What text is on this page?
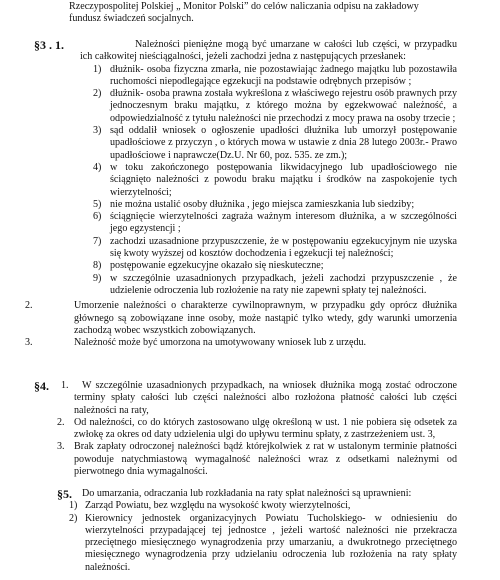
Rzeczypospolitej Polskiej „ Monitor Polski” do celów naliczania odpisu na zakładowy
fundusz świadczeń socjalnych.
§3 . 1.	Należności pieniężne mogą być umarzane w całości lub części, w przypadku ich całkowitej nieściągalności, jeżeli zachodzi jedna z następujących przesłanek:
1) dłużnik- osoba fizyczna zmarła, nie pozostawiając żadnego majątku lub pozostawiła ruchomości niepodlegające egzekucji na podstawie odrębnych przepisów ;
2) dłużnik- osoba prawna została wykreślona z właściwego rejestru osób prawnych przy jednoczesnym braku majątku, z którego można by egzekwować należność, a odpowiedzialność z tytułu należności nie przechodzi z mocy prawa na osoby trzecie ;
3) sąd oddalił wniosek o ogłoszenie upadłości dłużnika lub umorzył postępowanie upadłościowe z przyczyn , o których mowa w ustawie z dnia 28 lutego 2003r.- Prawo upadłościowe i naprawcze(Dz.U. Nr 60, poz. 535. ze zm.);
4) w toku zakończonego postępowania likwidacyjnego lub upadłościowego nie ściągnięto należności z powodu braku majątku i środków na zaspokojenie tych wierzytelności;
5) nie można ustalić osoby dłużnika , jego miejsca zamieszkania lub siedziby;
6) ściągnięcie wierzytelności zagraża ważnym interesom dłużnika, a w szczególności jego egzystencji ;
7) zachodzi uzasadnione przypuszczenie, że w postępowaniu egzekucyjnym nie uzyska się kwoty wyższej od kosztów dochodzenia i egzekucji tej należności;
8) postępowanie egzekucyjne okazało się nieskuteczne;
9) w szczególnie uzasadnionych przypadkach, jeżeli zachodzi przypuszczenie , że udzielenie odroczenia lub rozłożenie na raty nie zapewni spłaty tej należności.
2.	Umorzenie należności o charakterze cywilnoprawnym, w przypadku gdy oprócz dłużnika głównego są zobowiązane inne osoby, może nastąpić tylko wtedy, gdy warunki umorzenia zachodzą wobec wszystkich zobowiązanych.
3.	Należność może być umorzona na umotywowany wniosek lub z urzędu.
§4. 1.	W szczególnie uzasadnionych przypadkach, na wniosek dłużnika mogą zostać odroczone terminy spłaty całości lub części należności albo rozłożona płatność całości lub części należności na raty,
2. Od należności, co do których zastosowano ulgę określoną w ust. 1 nie pobiera się odsetek za zwłokę za okres od daty udzielenia ulgi do upływu terminu spłaty, z zastrzeżeniem ust. 3,
3. Brak zapłaty odroczonej należności bądź którejkolwiek z rat w ustalonym terminie płatności powoduje natychmiastową wymagalność należności wraz z odsetkami należnymi od pierwotnego dnia wymagalności.
§5. Do umarzania, odraczania lub rozkładania na raty spłat należności są uprawnieni:
1) Zarząd Powiatu, bez względu na wysokość kwoty wierzytelności,
2) Kierownicy jednostek organizacyjnych Powiatu Tucholskiego- w odniesieniu do wierzytelności przypadającej tej jednostce , jeżeli wartość należności nie przekracza przeciętnego miesięcznego wynagrodzenia przy umarzaniu, a dwukrotnego przeciętnego miesięcznego wynagrodzenia przy udzielaniu odroczenia lub rozłożenia na raty spłaty należności.
